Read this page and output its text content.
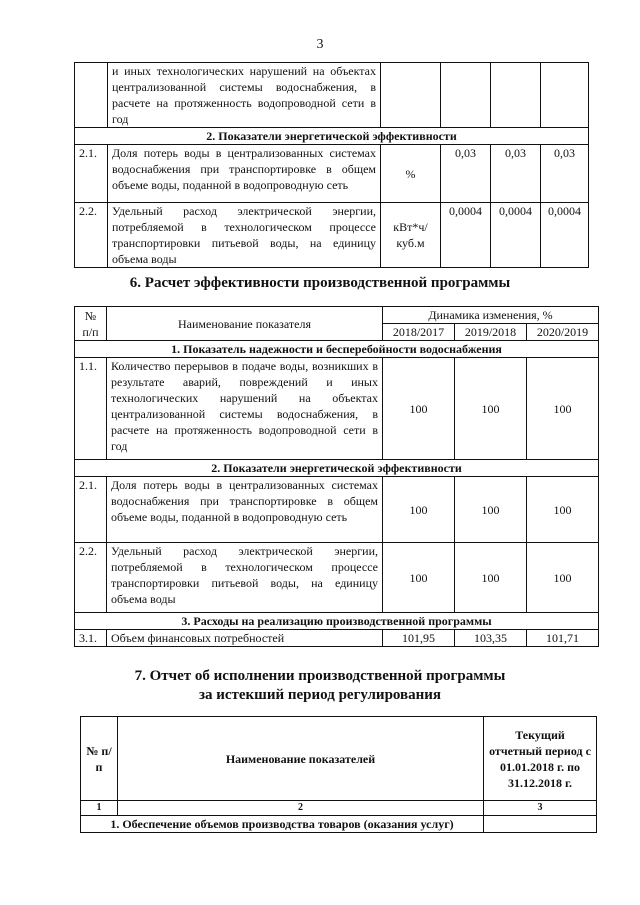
3
	и иных технологических нарушений на объектах централизованной системы водоснабжения, в расчете на протяженность водопроводной сети в год				
2. Показатели энергетической эффективности					
2.1.	Доля потерь воды в централизованных системах водоснабжения при транспортировке в общем объеме воды, поданной в водопроводную сеть	%	0,03	0,03	0,03
2.2.	Удельный расход электрической энергии, потребляемой в технологическом процессе транспортировки питьевой воды, на единицу объема воды	кВт*ч/ куб.м	0,0004	0,0004	0,0004
6. Расчет эффективности производственной программы
№ п/п	Наименование показателя	Динамика изменения, %		
		2018/2017	2019/2018	2020/2019
1. Показатель надежности и бесперебойности водоснабжения				
1.1.	Количество перерывов в подаче воды, возникших в результате аварий, повреждений и иных технологических нарушений на объектах централизованной системы водоснабжения, в расчете на протяженность водопроводной сети в год	100	100	100
2. Показатели энергетической эффективности				
2.1.	Доля потерь воды в централизованных системах водоснабжения при транспортировке в общем объеме воды, поданной в водопроводную сеть	100	100	100
2.2.	Удельный расход электрической энергии, потребляемой в технологическом процессе транспортировки питьевой воды, на единицу объема воды	100	100	100
3. Расходы на реализацию производственной программы				
3.1.	Объем финансовых потребностей	101,95	103,35	101,71
7. Отчет об исполнении производственной программы
за истекший период регулирования
№ п/п	Наименование показателей	Текущий отчетный период с 01.01.2018 г. по 31.12.2018 г.
1	2	3
1. Обеспечение объемов производства товаров (оказания услуг)		
